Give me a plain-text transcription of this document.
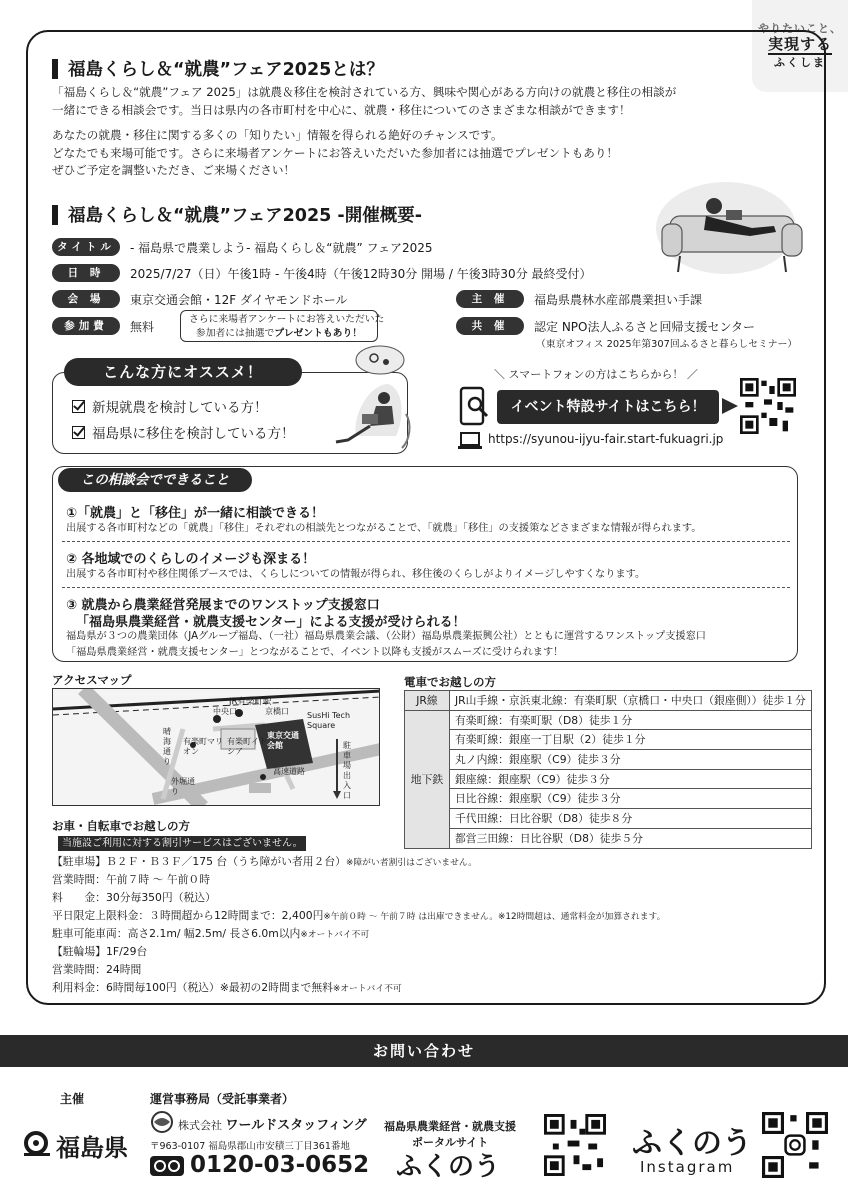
やりたいこと、
実現する
ふくしま
福島くらし＆“就農”フェア2025とは？
「福島くらし＆“就農”フェア 2025」は就農＆移住を検討されている方、興味や関心がある方向けの就農と移住の相談が
一緒にできる相談会です。当日は県内の各市町村を中心に、就農・移住についてのさまざまな相談ができます！
あなたの就農・移住に関する多くの「知りたい」情報を得られる絶好のチャンスです。
どなたでも来場可能です。さらに来場者アンケートにお答えいただいた参加者には抽選でプレゼントもあり！
ぜひご予定を調整いただき、ご来場ください！
福島くらし＆“就農”フェア2025 -開催概要-
タイトル	- 福島県で農業しよう- 福島くらし＆“就農” フェア2025
日 時	2025/7/27（日）午後1時 - 午後4時（午後12時30分 開場 / 午後3時30分 最終受付）
会 場	東京交通会館・12F ダイヤモンドホール
参加費	無料	さらに来場者アンケートにお答えいただいた
参加者には抽選でプレゼントもあり！
主 催	福島県農林水産部農業担い手課
共 催	認定 NPO法人ふるさと回帰支援センター
（東京オフィス 2025年第307回ふるさと暮らしセミナー）
こんな方にオススメ！
新規就農を検討している方！
福島県に移住を検討している方！
＼ スマートフォンの方はこちらから！ ／
イベント特設サイトはこちら！
https://syunou-ijyu-fair.start-fukuagri.jp
この相談会でできること
①「就農」と「移住」が一緒に相談できる！
出展する各市町村などの「就農」「移住」それぞれの相談先とつながることで、「就農」「移住」の支援策などさまざまな情報が得られます。
② 各地域でのくらしのイメージも深まる！
出展する各市町村や移住関係ブースでは、くらしについての情報が得られ、移住後のくらしがよりイメージしやすくなります。
③ 就農から農業経営発展までのワンストップ支援窓口
「福島県農業経営・就農支援センター」による支援が受けられる！
福島県が３つの農業団体（JAグループ福島、（一社）福島県農業会議、（公財）福島県農業振興公社）とともに運営するワンストップ支援窓口
「福島県農業経営・就農支援センター」とつながることで、イベント以降も支援がスムーズに受けられます！
アクセスマップ
JR有楽町駅
中央口	京橋口
晴海通り
有楽町マリオン
有楽町イトシア
東京交通会館
SusHi Tech Square
駐車場出入口
高速道路
外堀通り
電車でお越しの方
JR線	JR山手線・京浜東北線：有楽町駅（京橋口・中央口（銀座側））徒歩１分
地下鉄	有楽町線：有楽町駅（D8）徒歩１分
	有楽町線：銀座一丁目駅（2）徒歩１分
	丸ノ内線：銀座駅（C9）徒歩３分
	銀座線：銀座駅（C9）徒歩３分
	日比谷線：銀座駅（C9）徒歩３分
	千代田線：日比谷駅（D8）徒歩８分
	都営三田線：日比谷駅（D8）徒歩５分
お車・自転車でお越しの方
当施設ご利用に対する割引サービスはございません。
【駐車場】Ｂ２Ｆ・Ｂ３Ｆ／175 台（うち障がい者用２台）※障がい者割引はございません。
営業時間：午前７時 〜 午前０時
料　　金：30分毎350円（税込）
平日限定上限料金：３時間超から12時間まで：2,400円※午前０時 〜 午前７時 は出庫できません。※12時間超は、通常料金が加算されます。
駐車可能車両：高さ2.1m/ 幅2.5m/ 長さ6.0m以内※オートバイ不可
【駐輪場】1F/29台
営業時間：24時間
利用料金：6時間毎100円（税込）※最初の2時間まで無料※オートバイ不可
お問い合わせ
主催
福島県
運営事務局（受託事業者）
株式会社 ワールドスタッフィング
〒963-0107 福島県郡山市安積三丁目361番地
0120-03-0652
福島県農業経営・就農支援
ポータルサイト
ふくのう
ふくのう
Instagram
